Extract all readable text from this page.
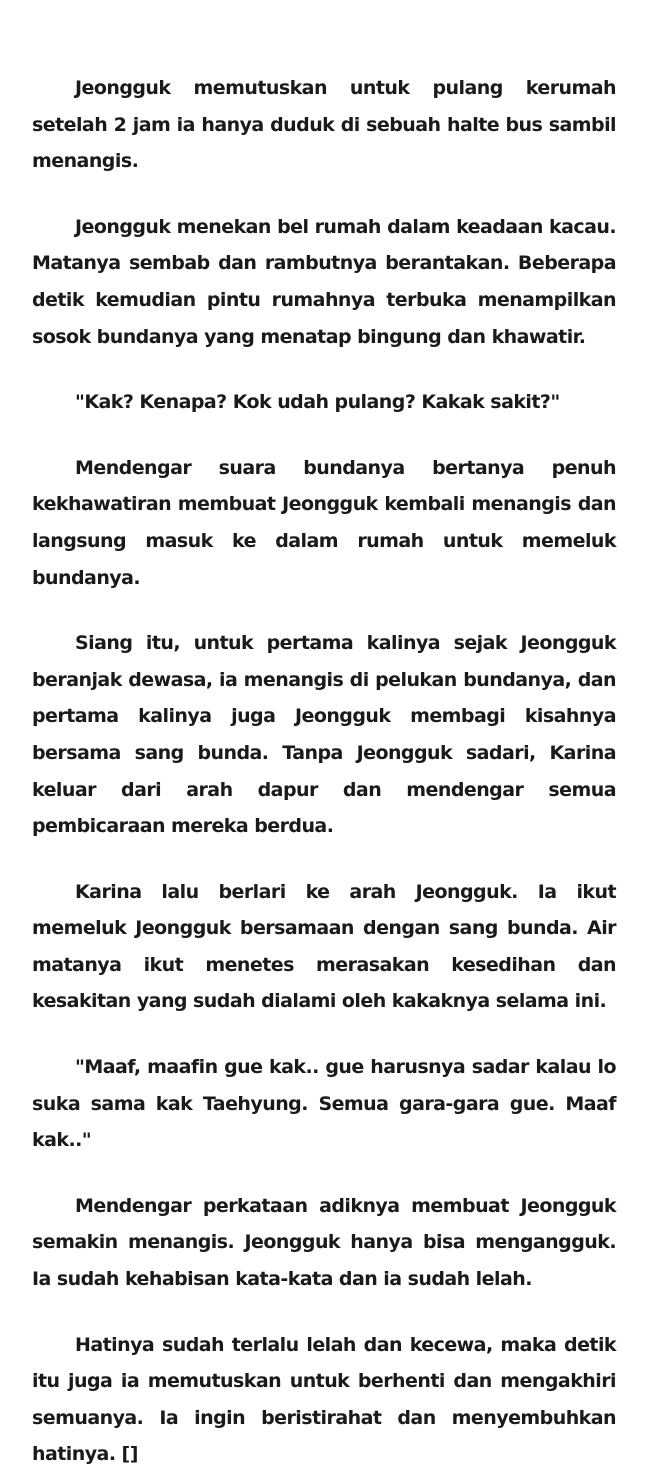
Jeongguk memutuskan untuk pulang kerumah setelah 2 jam ia hanya duduk di sebuah halte bus sambil menangis.

Jeongguk menekan bel rumah dalam keadaan kacau. Matanya sembab dan rambutnya berantakan. Beberapa detik kemudian pintu rumahnya terbuka menampilkan sosok bundanya yang menatap bingung dan khawatir.

"Kak? Kenapa? Kok udah pulang? Kakak sakit?"

Mendengar suara bundanya bertanya penuh kekhawatiran membuat Jeongguk kembali menangis dan langsung masuk ke dalam rumah untuk memeluk bundanya.

Siang itu, untuk pertama kalinya sejak Jeongguk beranjak dewasa, ia menangis di pelukan bundanya, dan pertama kalinya juga Jeongguk membagi kisahnya bersama sang bunda. Tanpa Jeongguk sadari, Karina keluar dari arah dapur dan mendengar semua pembicaraan mereka berdua.

Karina lalu berlari ke arah Jeongguk. Ia ikut memeluk Jeongguk bersamaan dengan sang bunda. Air matanya ikut menetes merasakan kesedihan dan kesakitan yang sudah dialami oleh kakaknya selama ini.

"Maaf, maafin gue kak.. gue harusnya sadar kalau lo suka sama kak Taehyung. Semua gara-gara gue. Maaf kak.."

Mendengar perkataan adiknya membuat Jeongguk semakin menangis. Jeongguk hanya bisa mengangguk. Ia sudah kehabisan kata-kata dan ia sudah lelah.

Hatinya sudah terlalu lelah dan kecewa, maka detik itu juga ia memutuskan untuk berhenti dan mengakhiri semuanya. Ia ingin beristirahat dan menyembuhkan hatinya. []
